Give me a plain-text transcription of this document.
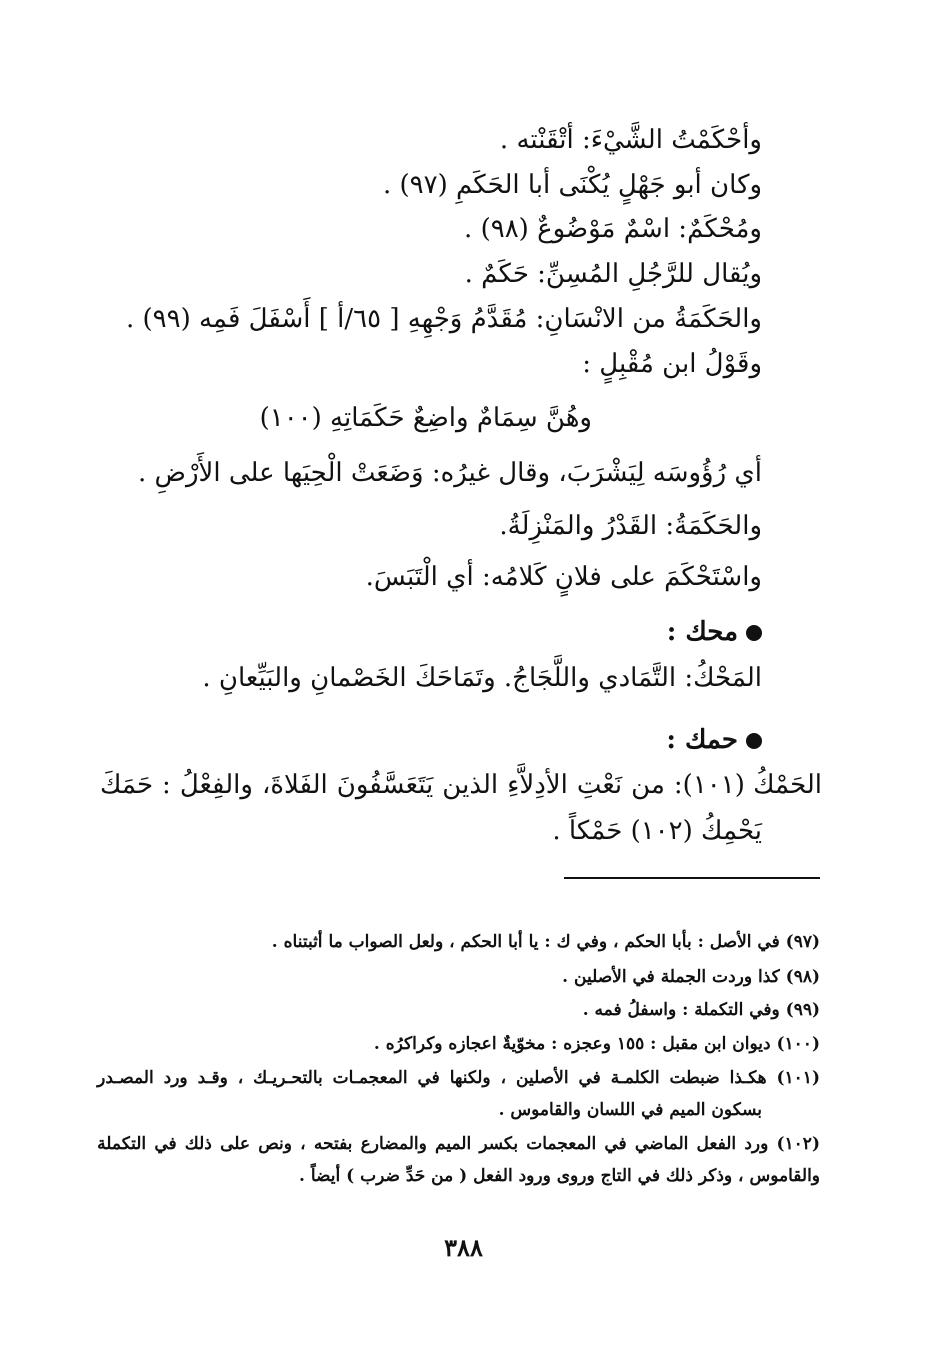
وأحْكَمْتُ الشَّيْءَ: أتْقَنْته .
وكان أبو جَهْلٍ يُكْنَى أبا الحَكَمِ (٩٧) .
ومُحْكَمٌ: اسْمٌ مَوْضُوعٌ (٩٨) .
ويُقال للرَّجُلِ المُسِنِّ: حَكَمٌ .
والحَكَمَةُ من الانْسَانِ: مُقَدَّمُ وَجْهِهِ [ ٦٥/أ ] أَسْفَلَ فَمِه (٩٩) .
وقَوْلُ ابن مُقْبِلٍ :
وهُنَّ سِمَامٌ واضِعٌ حَكَمَاتِهِ (١٠٠)
أي رُؤُوسَه لِيَشْرَبَ، وقال غيرُه: وَضَعَتْ الْحِيَها على الأَرْضِ .
والحَكَمَةُ: القَدْرُ والمَنْزِلَةُ.
واسْتَحْكَمَ على فلانٍ كَلامُه: أي الْتَبَسَ.
محك :
المَحْكُ: التَّمَادي واللَّجَاجُ. وتَمَاحَكَ الخَصْمانِ والبَيِّعانِ .
حمك :
الحَمْكُ (١٠١):
من
نَعْتِ
الأدِلاَّءِ
الذين
يَتَعَسَّفُونَ
الفَلاةَ،
والفِعْلُ
:
حَمَكَ
يَحْمِكُ (١٠٢) حَمْكاً .
(٩٧) في الأصل : بأبا الحكم ، وفي ك : يا أبا الحكم ، ولعل الصواب ما أثبتناه .
(٩٨) كذا وردت الجملة في الأصلين .
(٩٩) وفي التكملة : واسفلُ فمه .
(١٠٠) ديوان ابن مقبل : ١٥٥ وعجزه : مخوّيةٌ اعجازه وكراكرُه .
(١٠١)
هكـذا
ضبطت
الكلمـة
في
الأصلين
،
ولكنها
في
المعجمـات
بالتحـريـك
،
وقـد
ورد
المصـدر
بسكون الميم في اللسان والقاموس .
(١٠٢)
ورد
الفعل
الماضي
في
المعجمات
بكسر
الميم
والمضارع
بفتحه
،
ونص
على
ذلك
في
التكملة
والقاموس ، وذكر ذلك في التاج وروى ورود الفعل ( من حَدِّ ضرب ) أيضاً .
٣٨٨
